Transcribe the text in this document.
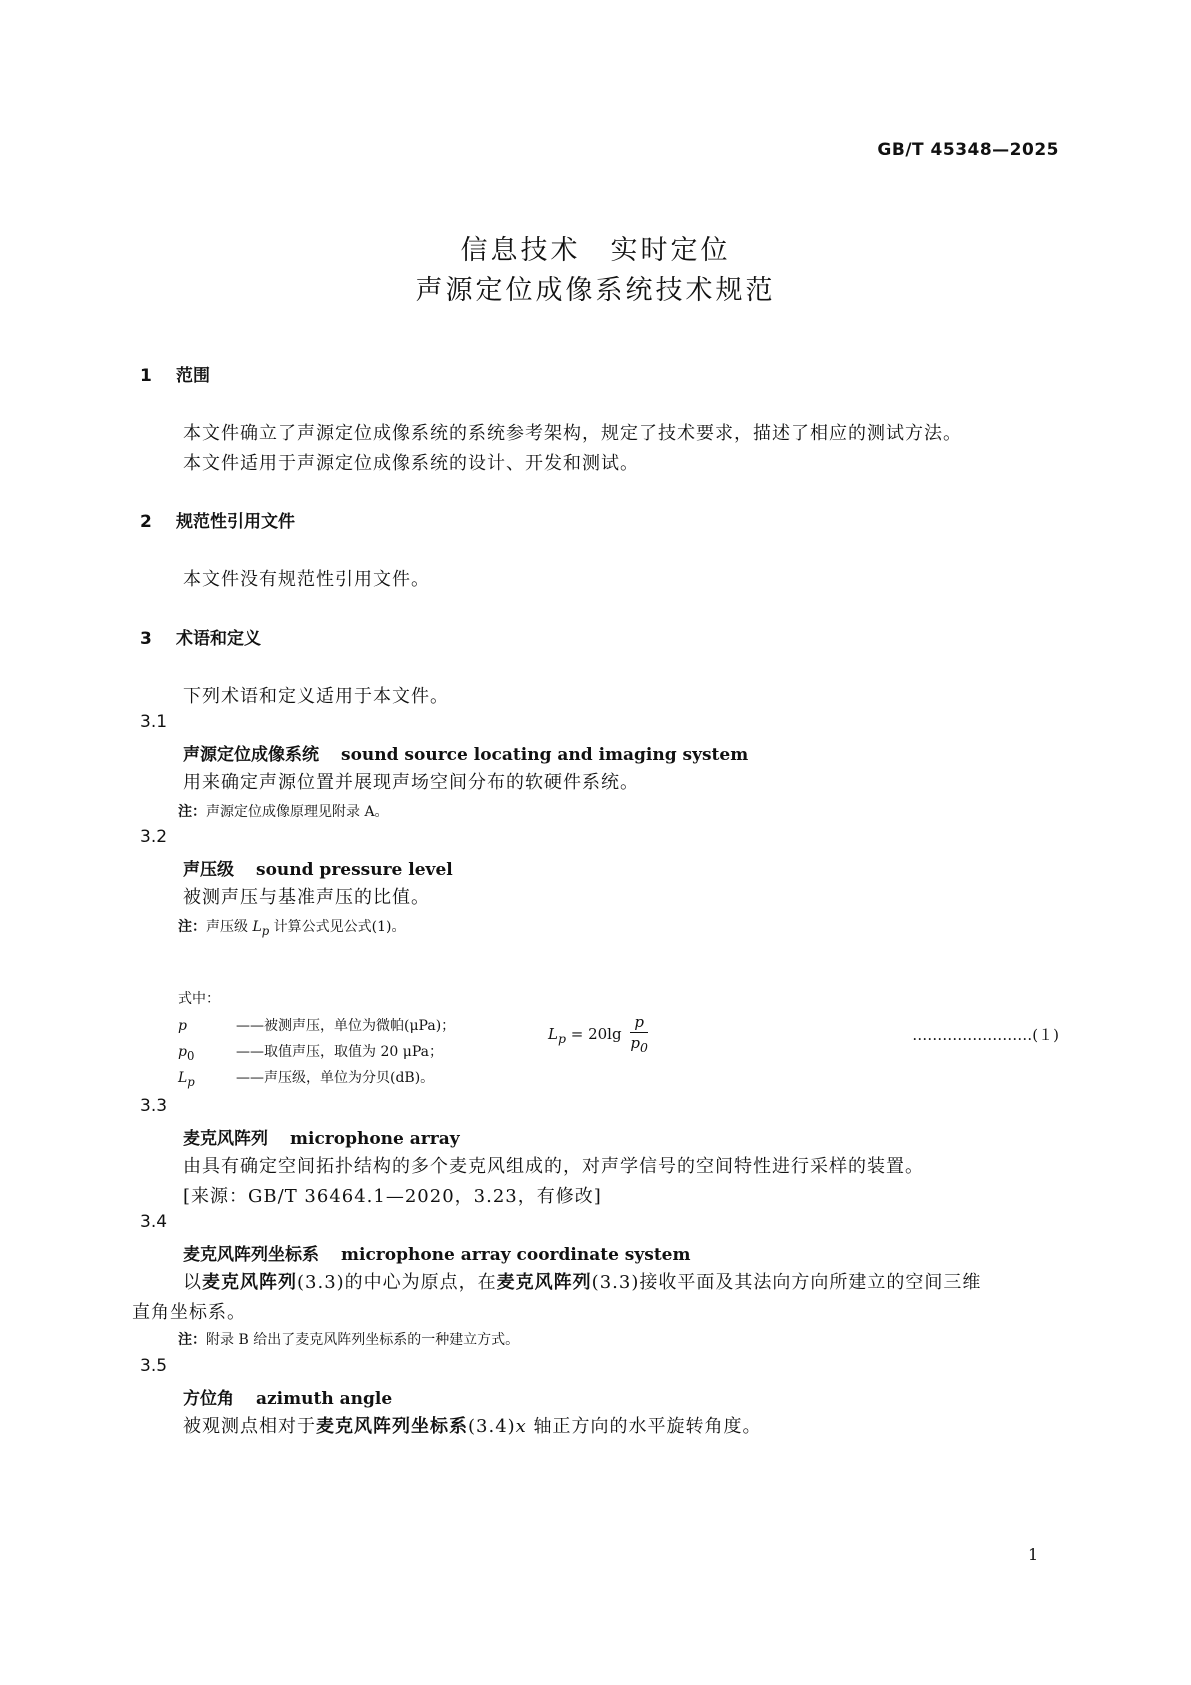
GB/T 45348—2025
信息技术　实时定位
声源定位成像系统技术规范
1 范围
本文件确立了声源定位成像系统的系统参考架构，规定了技术要求，描述了相应的测试方法。
本文件适用于声源定位成像系统的设计、开发和测试。
2 规范性引用文件
本文件没有规范性引用文件。
3 术语和定义
下列术语和定义适用于本文件。
3.1
声源定位成像系统 sound source locating and imaging system
用来确定声源位置并展现声场空间分布的软硬件系统。
注：声源定位成像原理见附录 A。
3.2
声压级 sound pressure level
被测声压与基准声压的比值。
注：声压级 $L_p$ 计算公式见公式(1)。
$L_p = 20\lg \frac{p}{p_0}$	……………………(１)
式中：
p	——被测声压，单位为微帕(μPa)；
$p_0$	——取值声压，取值为 20 μPa；
$L_p$	——声压级，单位为分贝(dB)。
3.3
麦克风阵列 microphone array
由具有确定空间拓扑结构的多个麦克风组成的，对声学信号的空间特性进行采样的装置。
[来源：GB/T 36464.1—2020，3.23，有修改]
3.4
麦克风阵列坐标系 microphone array coordinate system
以麦克风阵列(3.3)的中心为原点，在麦克风阵列(3.3)接收平面及其法向方向所建立的空间三维
直角坐标系。
注：附录 B 给出了麦克风阵列坐标系的一种建立方式。
3.5
方位角 azimuth angle
被观测点相对于麦克风阵列坐标系(3.4)x 轴正方向的水平旋转角度。
1
